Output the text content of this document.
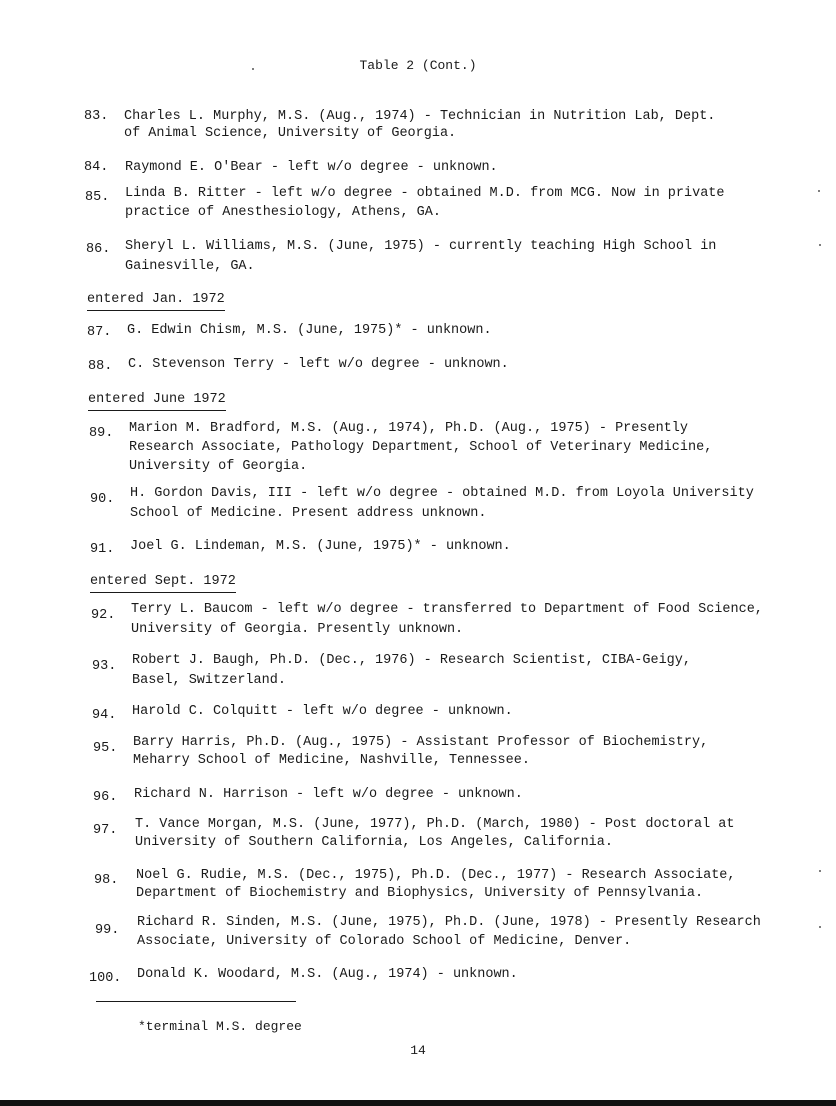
Table 2 (Cont.)
83. Charles L. Murphy, M.S. (Aug., 1974) - Technician in Nutrition Lab, Dept.
of Animal Science, University of Georgia.
84. Raymond E. O'Bear - left w/o degree - unknown.
85. Linda B. Ritter - left w/o degree - obtained M.D. from MCG. Now in private
practice of Anesthesiology, Athens, GA.
86. Sheryl L. Williams, M.S. (June, 1975) - currently teaching High School in
Gainesville, GA.
entered Jan. 1972
87. G. Edwin Chism, M.S. (June, 1975)* - unknown.
88. C. Stevenson Terry - left w/o degree - unknown.
entered June 1972
89. Marion M. Bradford, M.S. (Aug., 1974), Ph.D. (Aug., 1975) - Presently
Research Associate, Pathology Department, School of Veterinary Medicine,
University of Georgia.
90. H. Gordon Davis, III - left w/o degree - obtained M.D. from Loyola University
School of Medicine. Present address unknown.
91. Joel G. Lindeman, M.S. (June, 1975)* - unknown.
entered Sept. 1972
92. Terry L. Baucom - left w/o degree - transferred to Department of Food Science,
University of Georgia. Presently unknown.
93. Robert J. Baugh, Ph.D. (Dec., 1976) - Research Scientist, CIBA-Geigy,
Basel, Switzerland.
94. Harold C. Colquitt - left w/o degree - unknown.
95. Barry Harris, Ph.D. (Aug., 1975) - Assistant Professor of Biochemistry,
Meharry School of Medicine, Nashville, Tennessee.
96. Richard N. Harrison - left w/o degree - unknown.
97. T. Vance Morgan, M.S. (June, 1977), Ph.D. (March, 1980) - Post doctoral at
University of Southern California, Los Angeles, California.
98. Noel G. Rudie, M.S. (Dec., 1975), Ph.D. (Dec., 1977) - Research Associate,
Department of Biochemistry and Biophysics, University of Pennsylvania.
99.
Richard R. Sinden, M.S. (June, 1975), Ph.D. (June, 1978) - Presently Research
Associate, University of Colorado School of Medicine, Denver.
100. Donald K. Woodard, M.S. (Aug., 1974) - unknown.
*terminal M.S. degree
14
